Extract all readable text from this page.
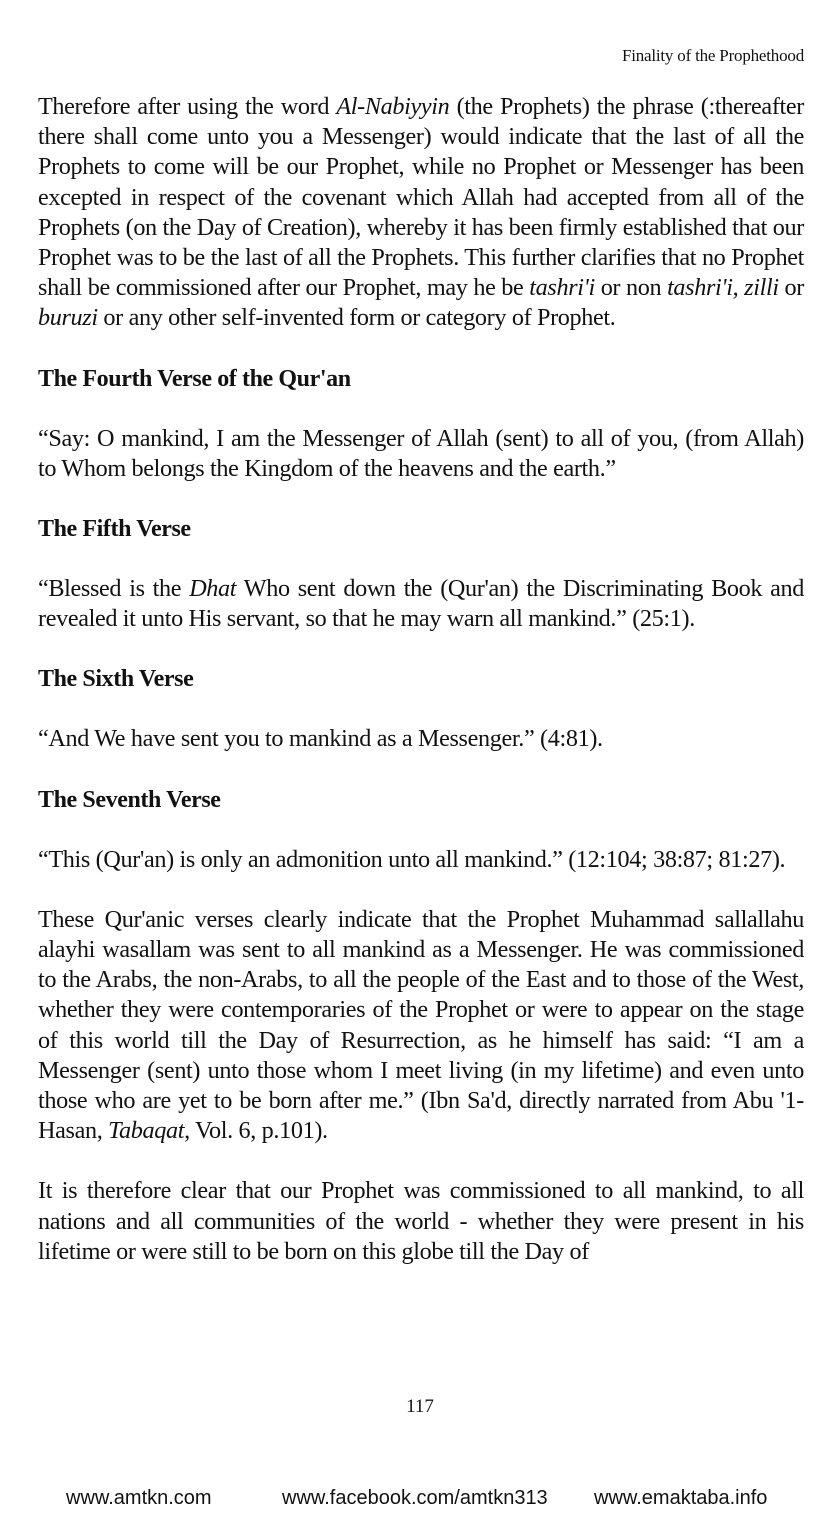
Finality of the Prophethood

Therefore after using the word Al-Nabiyyin (the Prophets) the phrase (:thereafter there shall come unto you a Messenger) would indicate that the last of all the Prophets to come will be our Prophet, while no Prophet or Messenger has been excepted in respect of the covenant which Allah had accepted from all of the Prophets (on the Day of Creation), whereby it has been firmly established that our Prophet was to be the last of all the Prophets. This further clarifies that no Prophet shall be commissioned after our Prophet, may he be tashri'i or non tashri'i, zilli or buruzi or any other self-invented form or category of Prophet.

The Fourth Verse of the Qur'an

“Say: O mankind, I am the Messenger of Allah (sent) to all of you, (from Allah) to Whom belongs the Kingdom of the heavens and the earth.”

The Fifth Verse

“Blessed is the Dhat Who sent down the (Qur'an) the Discriminating Book and revealed it unto His servant, so that he may warn all mankind.” (25:1).

The Sixth Verse

“And We have sent you to mankind as a Messenger.” (4:81).

The Seventh Verse

“This (Qur'an) is only an admonition unto all mankind.” (12:104; 38:87; 81:27).

These Qur'anic verses clearly indicate that the Prophet Muhammad sallallahu alayhi wasallam was sent to all mankind as a Messenger. He was commissioned to the Arabs, the non-Arabs, to all the people of the East and to those of the West, whether they were contemporaries of the Prophet or were to appear on the stage of this world till the Day of Resurrection, as he himself has said: “I am a Messenger (sent) unto those whom I meet living (in my lifetime) and even unto those who are yet to be born after me.” (Ibn Sa'd, directly narrated from Abu '1-Hasan, Tabaqat, Vol. 6, p.101).

It is therefore clear that our Prophet was commissioned to all mankind, to all nations and all communities of the world - whether they were present in his lifetime or were still to be born on this globe till the Day of

117
www.amtkn.com	www.facebook.com/amtkn313 www.emaktaba.info
